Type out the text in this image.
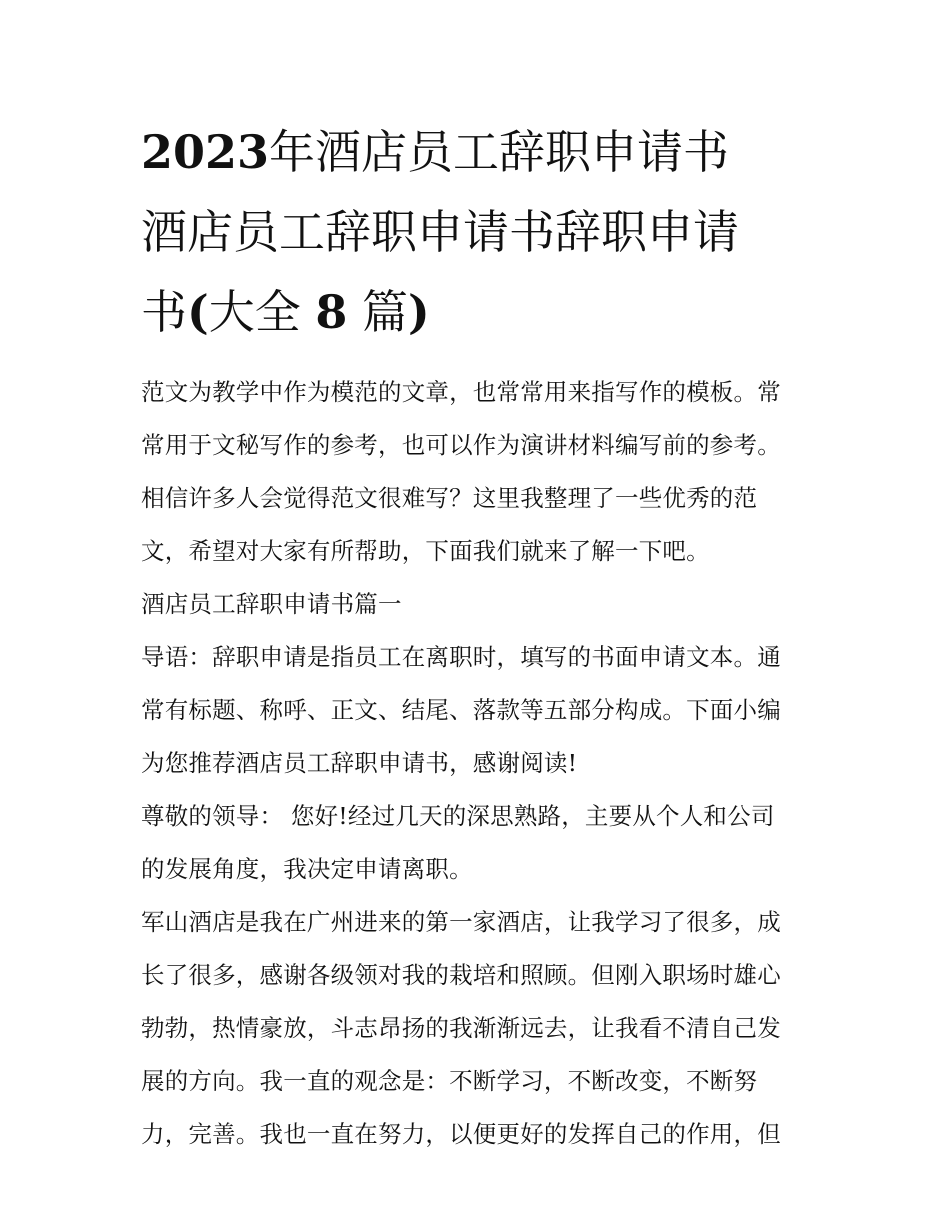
2023年酒店员工辞职申请书
酒店员工辞职申请书辞职申请
书(大全 8 篇)

范文为教学中作为模范的文章，也常常用来指写作的模板。常
常用于文秘写作的参考，也可以作为演讲材料编写前的参考。
相信许多人会觉得范文很难写？这里我整理了一些优秀的范
文，希望对大家有所帮助，下面我们就来了解一下吧。

酒店员工辞职申请书篇一

导语：辞职申请是指员工在离职时，填写的书面申请文本。通
常有标题、称呼、正文、结尾、落款等五部分构成。下面小编
为您推荐酒店员工辞职申请书，感谢阅读!

尊敬的领导： 您好!经过几天的深思熟路，主要从个人和公司
的发展角度，我决定申请离职。

军山酒店是我在广州进来的第一家酒店，让我学习了很多，成
长了很多，感谢各级领对我的栽培和照顾。但刚入职场时雄心
勃勃，热情豪放，斗志昂扬的我渐渐远去，让我看不清自己发
展的方向。我一直的观念是：不断学习，不断改变，不断努
力，完善。我也一直在努力，以便更好的发挥自己的作用，但
